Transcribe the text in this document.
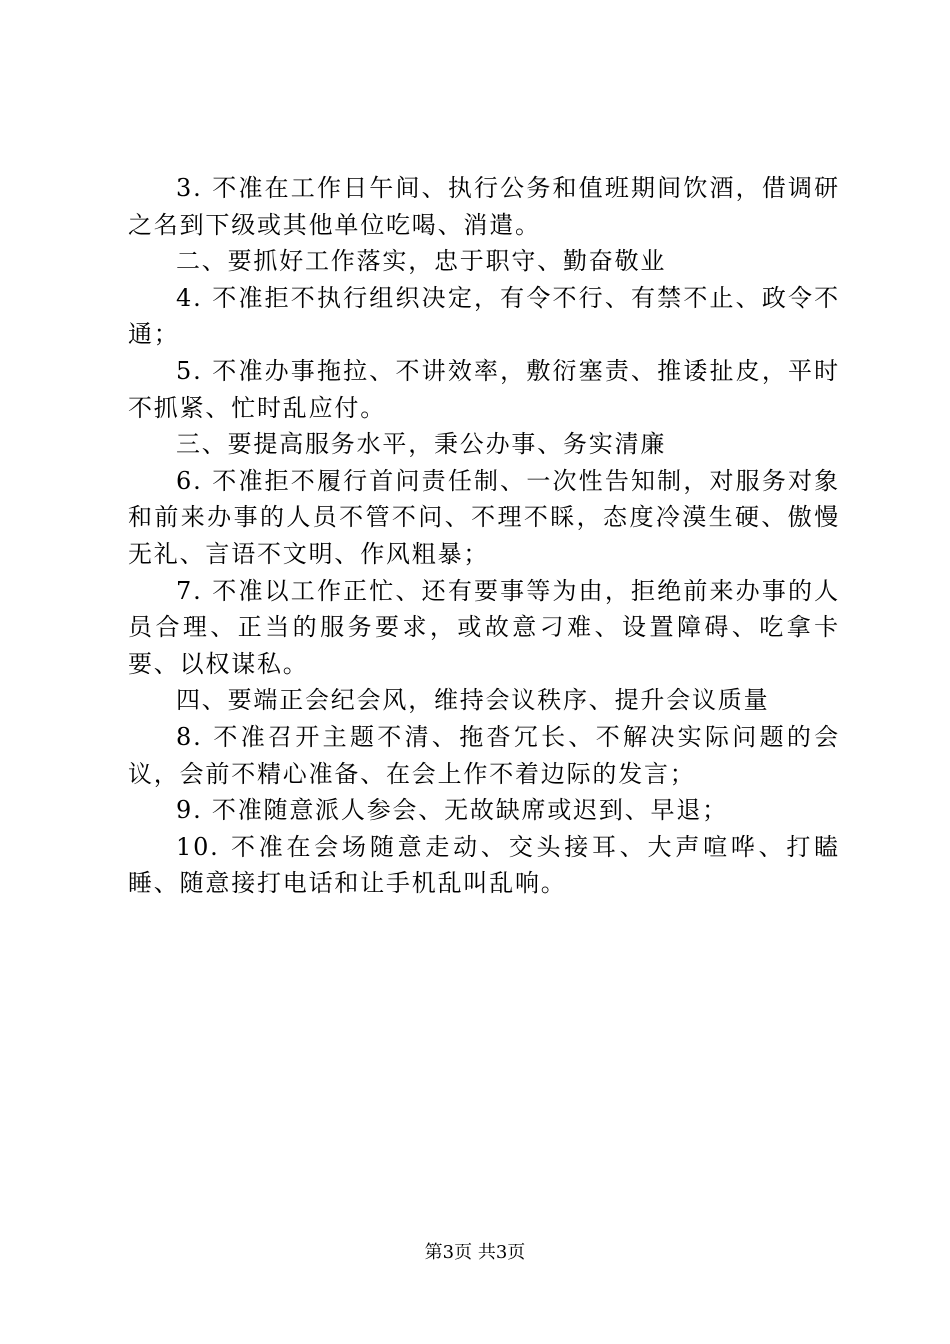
3. 不准在工作日午间、执行公务和值班期间饮酒，借调研之名到下级或其他单位吃喝、消遣。

二、要抓好工作落实，忠于职守、勤奋敬业

4. 不准拒不执行组织决定，有令不行、有禁不止、政令不通；

5. 不准办事拖拉、不讲效率，敷衍塞责、推诿扯皮，平时不抓紧、忙时乱应付。

三、要提高服务水平，秉公办事、务实清廉

6. 不准拒不履行首问责任制、一次性告知制，对服务对象和前来办事的人员不管不问、不理不睬，态度冷漠生硬、傲慢无礼、言语不文明、作风粗暴；

7. 不准以工作正忙、还有要事等为由，拒绝前来办事的人员合理、正当的服务要求，或故意刁难、设置障碍、吃拿卡要、以权谋私。

四、要端正会纪会风，维持会议秩序、提升会议质量

8. 不准召开主题不清、拖沓冗长、不解决实际问题的会议，会前不精心准备、在会上作不着边际的发言；

9. 不准随意派人参会、无故缺席或迟到、早退；

10. 不准在会场随意走动、交头接耳、大声喧哗、打瞌睡、随意接打电话和让手机乱叫乱响。

第3页 共3页
